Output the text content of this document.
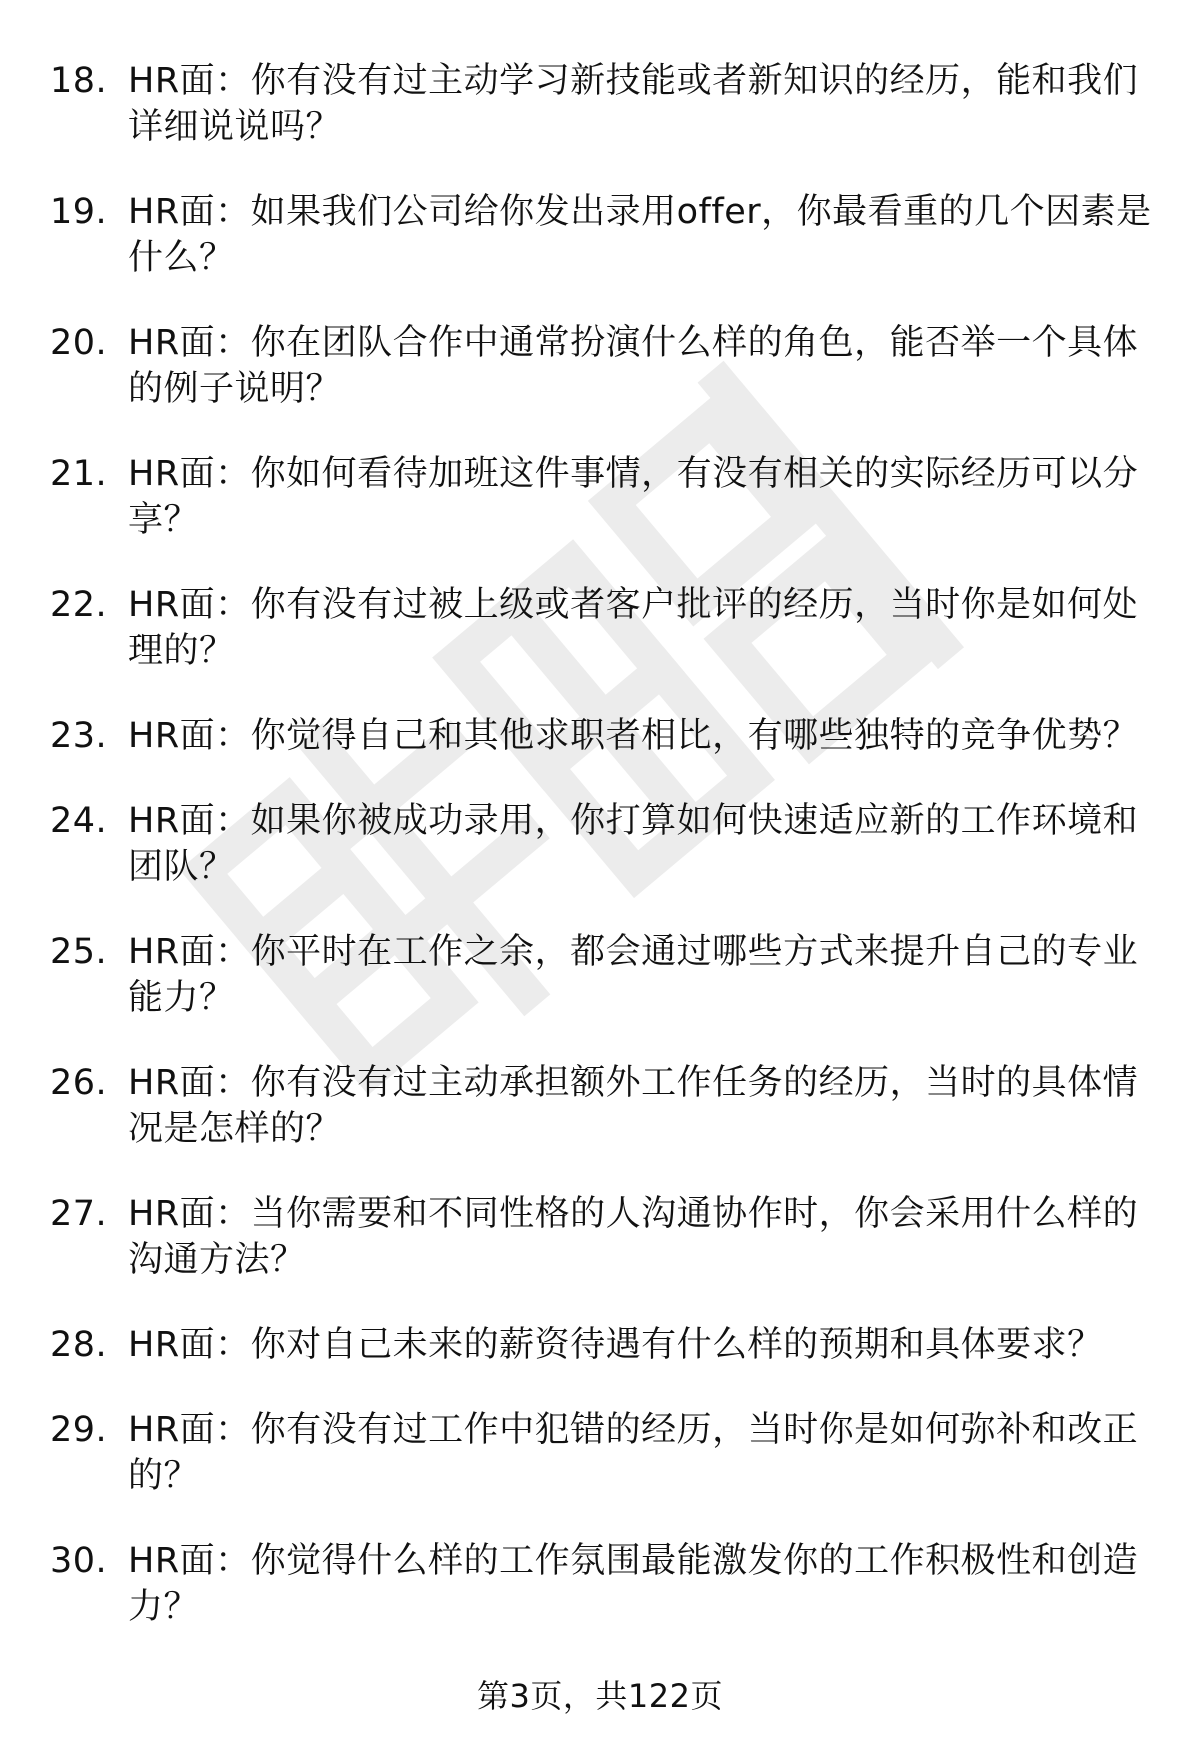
18. HR面：你有没有过主动学习新技能或者新知识的经历，能和我们详细说说吗？
19. HR面：如果我们公司给你发出录用offer，你最看重的几个因素是什么？
20. HR面：你在团队合作中通常扮演什么样的角色，能否举一个具体的例子说明？
21. HR面：你如何看待加班这件事情，有没有相关的实际经历可以分享？
22. HR面：你有没有过被上级或者客户批评的经历，当时你是如何处理的？
23. HR面：你觉得自己和其他求职者相比，有哪些独特的竞争优势？
24. HR面：如果你被成功录用，你打算如何快速适应新的工作环境和团队？
25. HR面：你平时在工作之余，都会通过哪些方式来提升自己的专业能力？
26. HR面：你有没有过主动承担额外工作任务的经历，当时的具体情况是怎样的？
27. HR面：当你需要和不同性格的人沟通协作时，你会采用什么样的沟通方法？
28. HR面：你对自己未来的薪资待遇有什么样的预期和具体要求？
29. HR面：你有没有过工作中犯错的经历，当时你是如何弥补和改正的？
30. HR面：你觉得什么样的工作氛围最能激发你的工作积极性和创造力？
第3页，共122页
